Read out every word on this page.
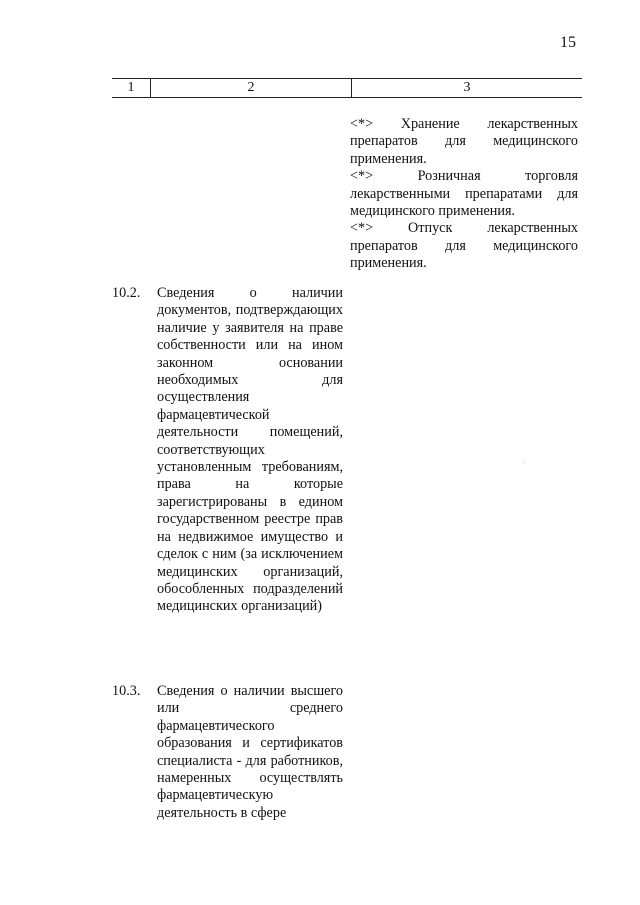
15
1	2	3

<*> Хранение лекарственных препаратов для медицинского применения.

<*> Розничная торговля лекарственными препаратами для медицинского применения.

<*> Отпуск лекарственных препаратов для медицинского применения.

10.2. Сведения о наличии документов, подтверждающих наличие у заявителя на праве собственности или на ином законном основании необходимых для осуществления фармацевтической деятельности помещений, соответствующих установленным требованиям, права на которые зарегистрированы в едином государственном реестре прав на недвижимое имущество и сделок с ним (за исключением медицинских организаций, обособленных подразделений медицинских организаций)

10.3. Сведения о наличии высшего или среднего фармацевтического образования и сертификатов специалиста - для работников, намеренных осуществлять фармацевтическую деятельность в сфере
